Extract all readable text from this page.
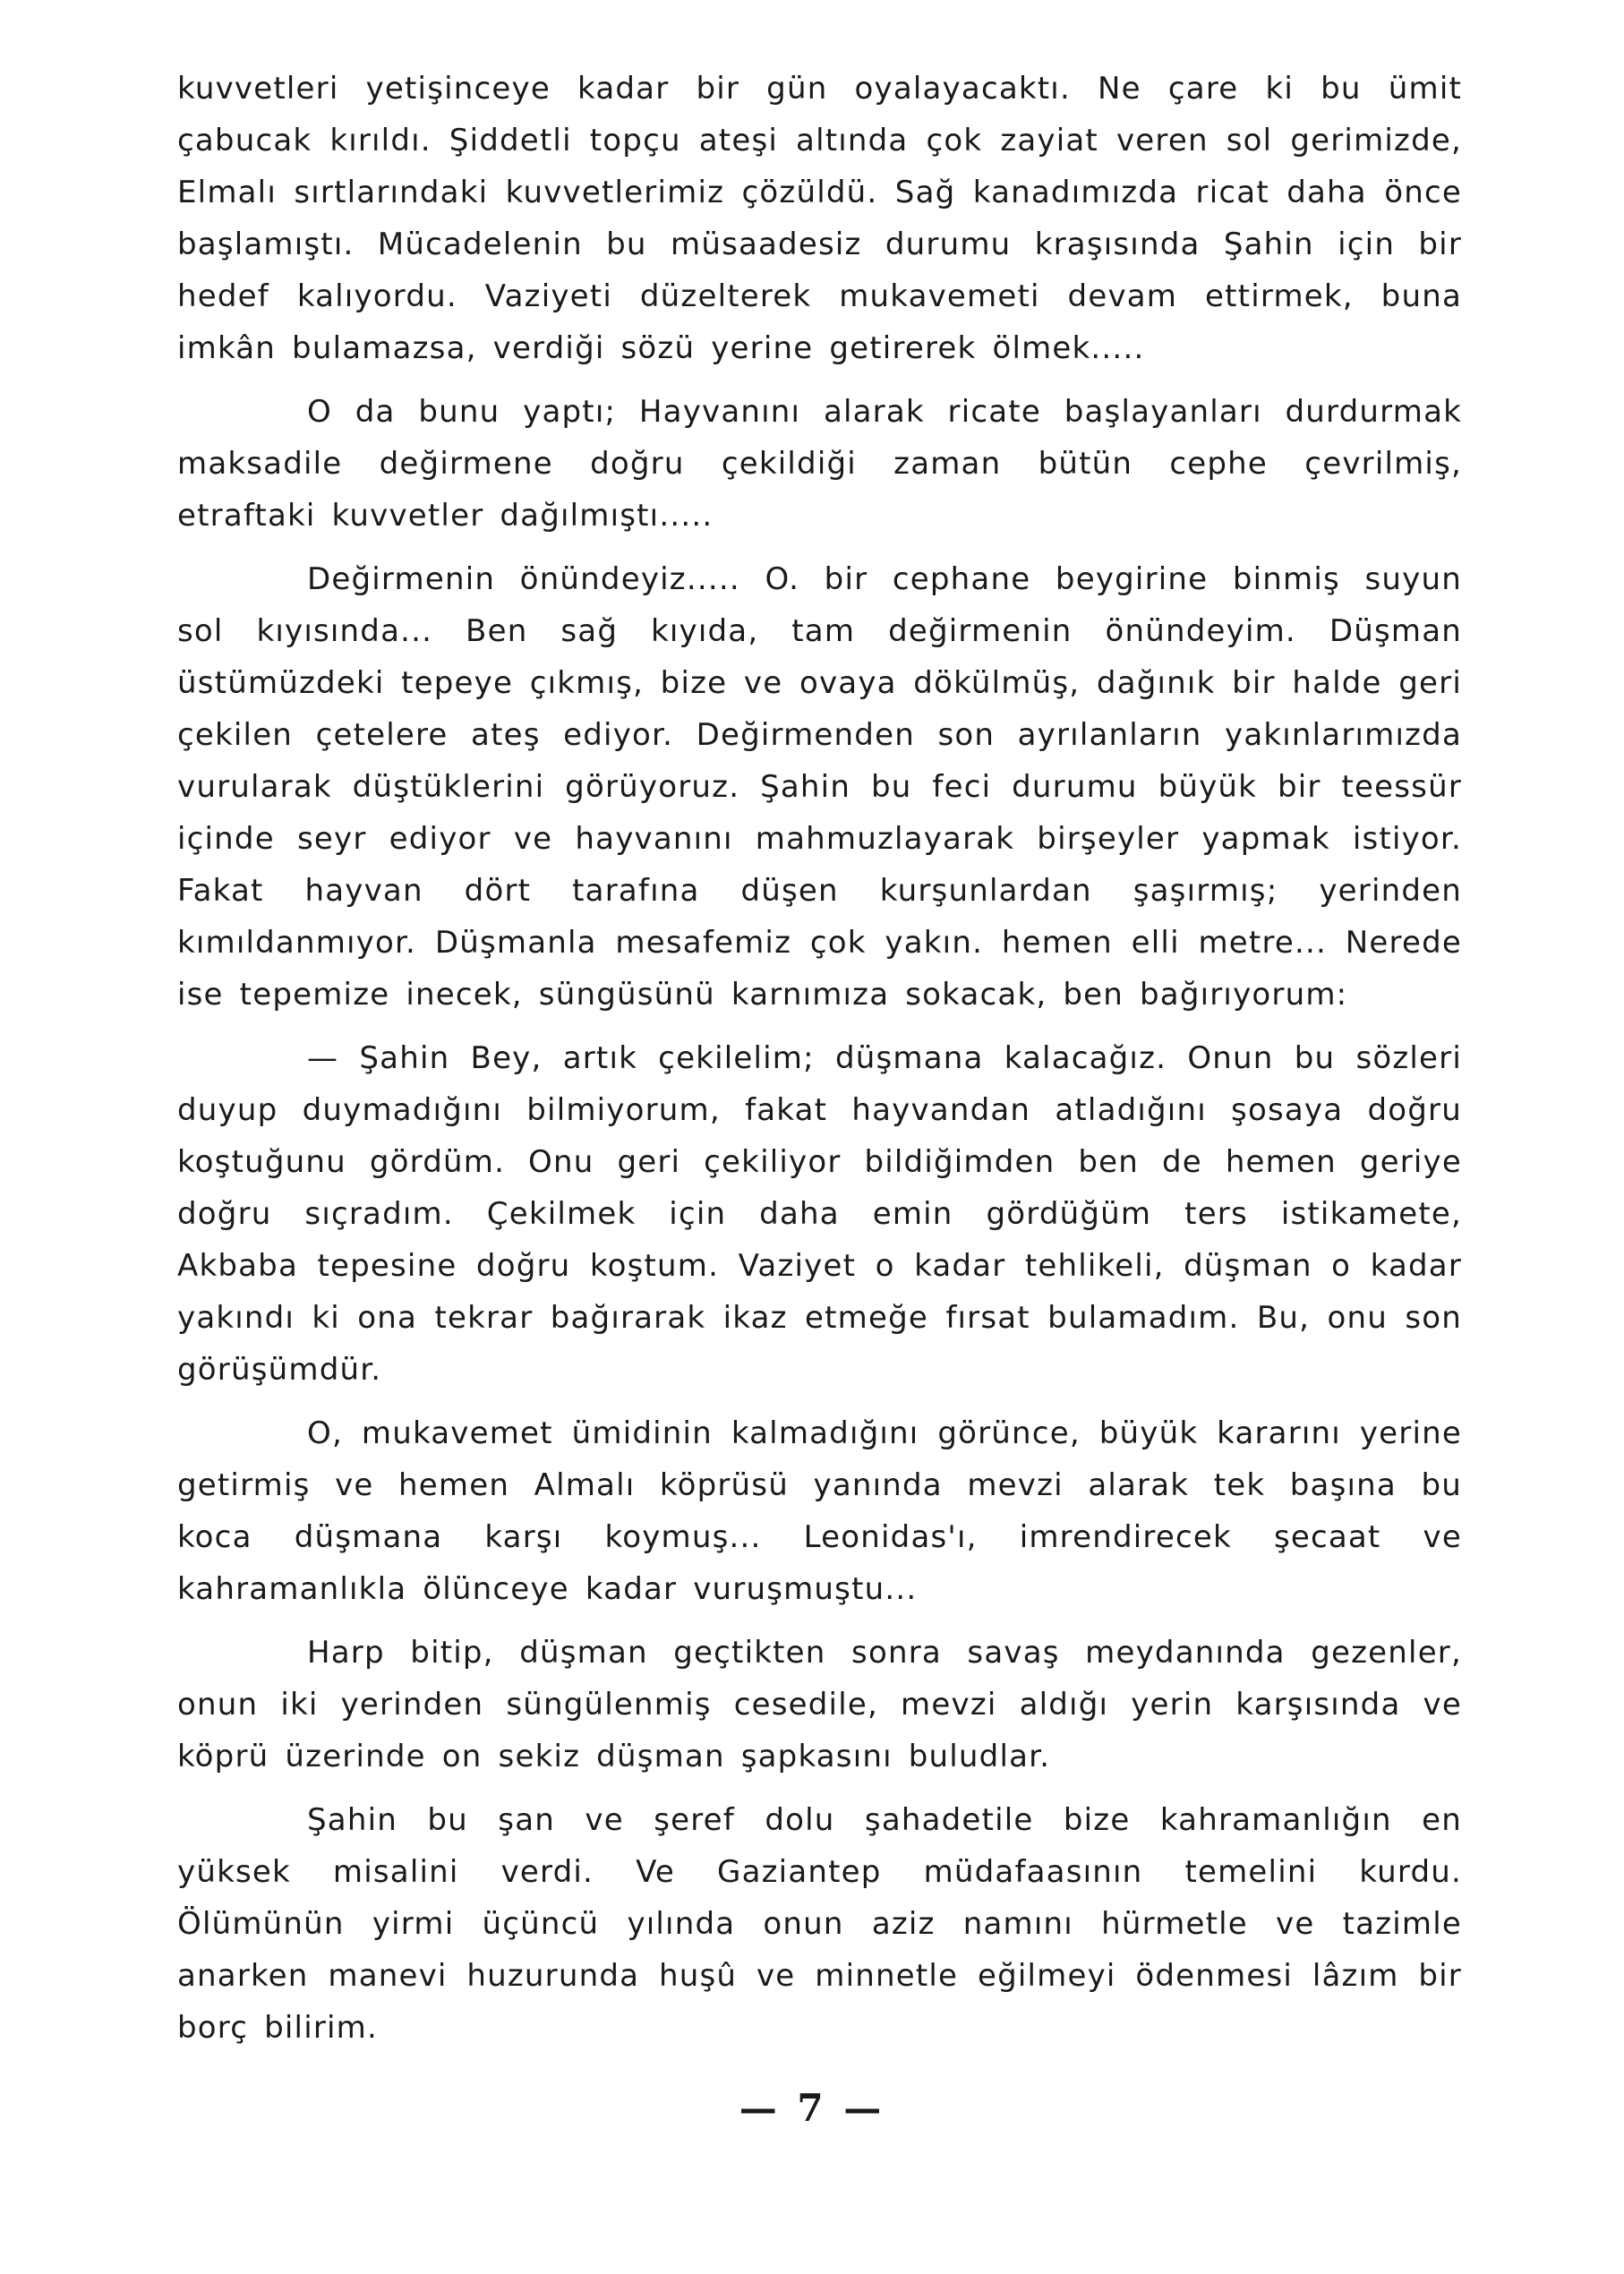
kuvvetleri yetişinceye kadar bir gün oyalayacaktı. Ne çare ki bu ümit çabucak kırıldı. Şiddetli topçu ateşi altında çok zayiat veren sol gerimizde, Elmalı sırtlarındaki kuvvetlerimiz çözüldü. Sağ kanadımızda ricat daha önce başlamıştı. Mücadelenin bu müsaadesiz durumu kraşısında Şahin için bir hedef kalıyordu. Vaziyeti düzelterek mukavemeti devam ettirmek, buna imkân bulamazsa, verdiği sözü yerine getirerek ölmek.....

O da bunu yaptı; Hayvanını alarak ricate başlayanları durdurmak maksadile değirmene doğru çekildiği zaman bütün cephe çevrilmiş, etraftaki kuvvetler dağılmıştı.....

Değirmenin önündeyiz..... O. bir cephane beygirine binmiş suyun sol kıyısında... Ben sağ kıyıda, tam değirmenin önündeyim. Düşman üstümüzdeki tepeye çıkmış, bize ve ovaya dökülmüş, dağınık bir halde geri çekilen çetelere ateş ediyor. Değirmenden son ayrılanların yakınlarımızda vurularak düştüklerini görüyoruz. Şahin bu feci durumu büyük bir teessür içinde seyr ediyor ve hayvanını mahmuzlayarak birşeyler yapmak istiyor. Fakat hayvan dört tarafına düşen kurşunlardan şaşırmış; yerinden kımıldanmıyor. Düşmanla mesafemiz çok yakın. hemen elli metre... Nerede ise tepemize inecek, süngüsünü karnımıza sokacak, ben bağırıyorum:

— Şahin Bey, artık çekilelim; düşmana kalacağız. Onun bu sözleri duyup duymadığını bilmiyorum, fakat hayvandan atladığını şosaya doğru koştuğunu gördüm. Onu geri çekiliyor bildiğimden ben de hemen geriye doğru sıçradım. Çekilmek için daha emin gördüğüm ters istikamete, Akbaba tepesine doğru koştum. Vaziyet o kadar tehlikeli, düşman o kadar yakındı ki ona tekrar bağırarak ikaz etmeğe fırsat bulamadım. Bu, onu son görüşümdür.

O, mukavemet ümidinin kalmadığını görünce, büyük kararını yerine getirmiş ve hemen Almalı köprüsü yanında mevzi alarak tek başına bu koca düşmana karşı koymuş... Leonidas'ı, imrendirecek şecaat ve kahramanlıkla ölünceye kadar vuruşmuştu...

Harp bitip, düşman geçtikten sonra savaş meydanında gezenler, onun iki yerinden süngülenmiş cesedile, mevzi aldığı yerin karşısında ve köprü üzerinde on sekiz düşman şapkasını buludlar.

Şahin bu şan ve şeref dolu şahadetile bize kahramanlığın en yüksek misalini verdi. Ve Gaziantep müdafaasının temelini kurdu. Ölümünün yirmi üçüncü yılında onun aziz namını hürmetle ve tazimle anarken manevi huzurunda huşû ve minnetle eğilmeyi ödenmesi lâzım bir borç bilirim.

— 7 —
